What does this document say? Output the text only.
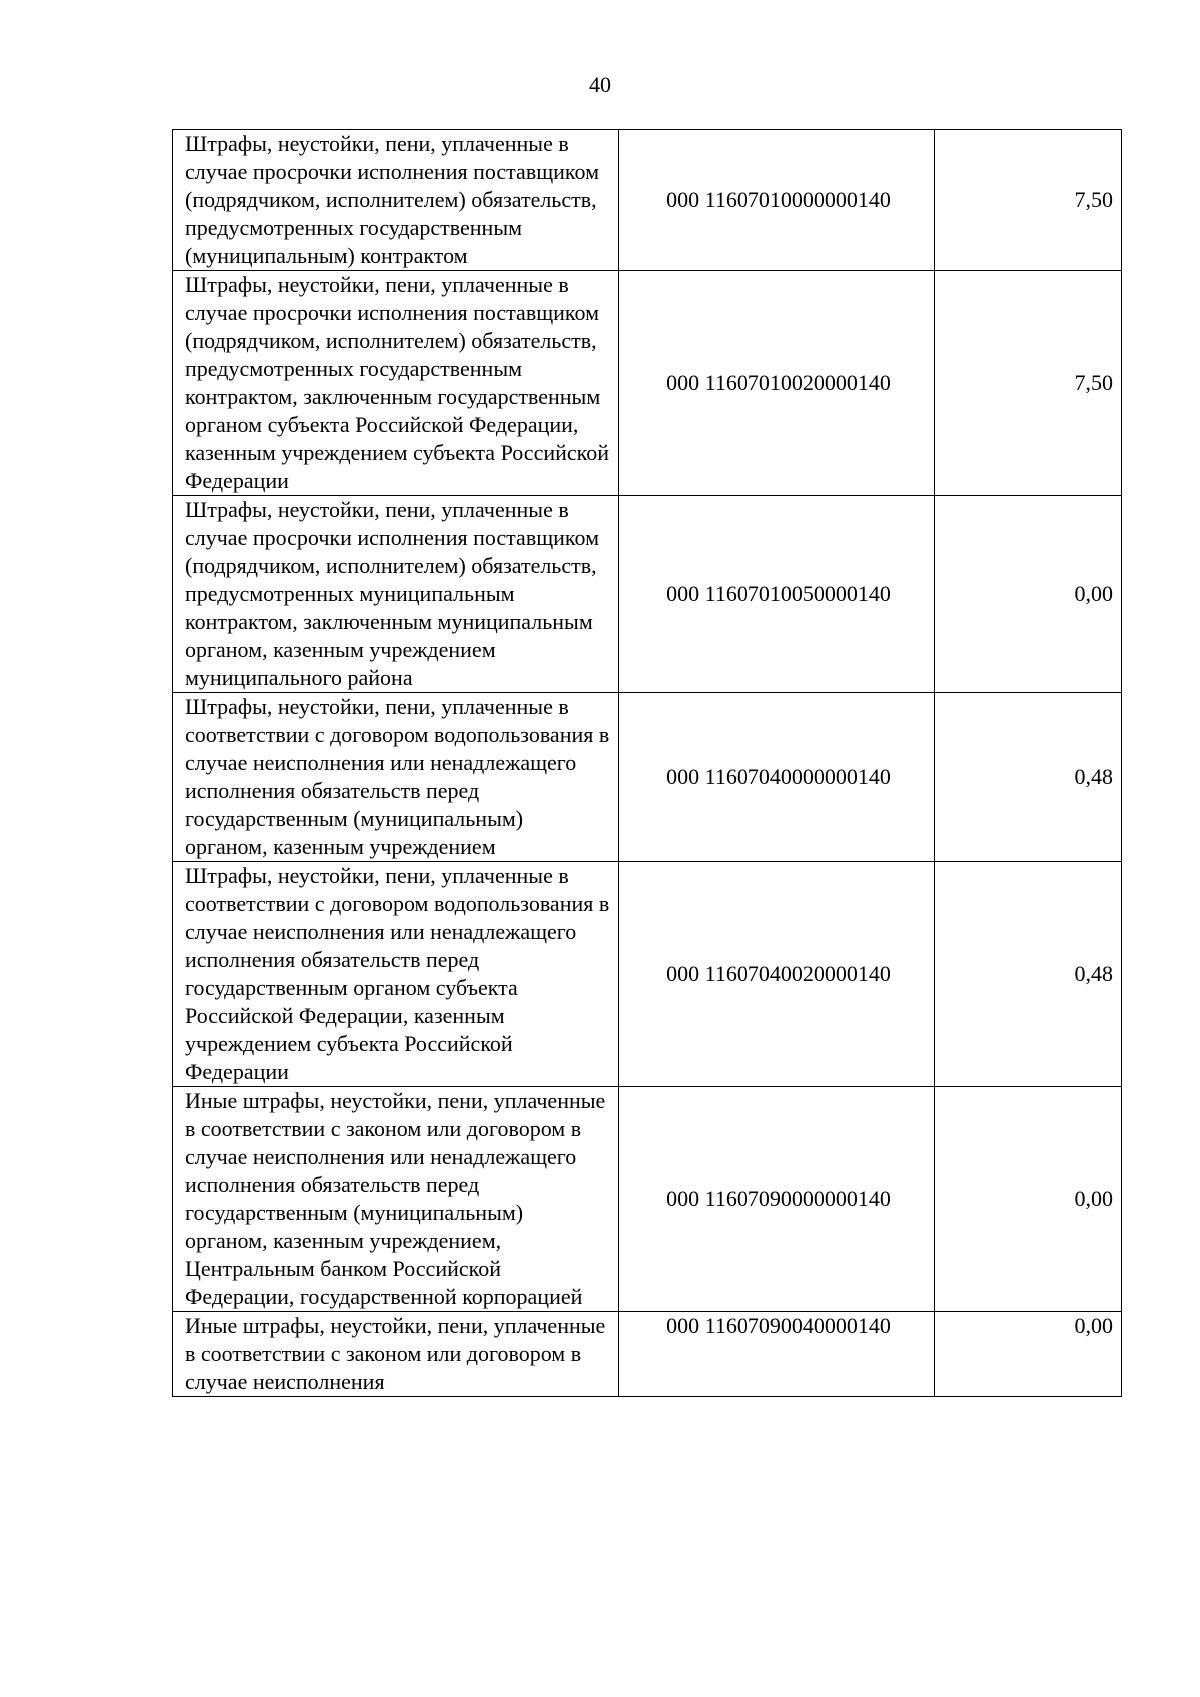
40
Штрафы, неустойки, пени, уплаченные в случае просрочки исполнения поставщиком (подрядчиком, исполнителем) обязательств, предусмотренных государственным (муниципальным) контрактом	000 11607010000000140	7,50
Штрафы, неустойки, пени, уплаченные в случае просрочки исполнения поставщиком (подрядчиком, исполнителем) обязательств, предусмотренных государственным контрактом, заключенным государственным органом субъекта Российской Федерации, казенным учреждением субъекта Российской Федерации	000 11607010020000140	7,50
Штрафы, неустойки, пени, уплаченные в случае просрочки исполнения поставщиком (подрядчиком, исполнителем) обязательств, предусмотренных муниципальным контрактом, заключенным муниципальным органом, казенным учреждением муниципального района	000 11607010050000140	0,00
Штрафы, неустойки, пени, уплаченные в соответствии с договором водопользования в случае неисполнения или ненадлежащего исполнения обязательств перед государственным (муниципальным) органом, казенным учреждением	000 11607040000000140	0,48
Штрафы, неустойки, пени, уплаченные в соответствии с договором водопользования в случае неисполнения или ненадлежащего исполнения обязательств перед государственным органом субъекта Российской Федерации, казенным учреждением субъекта Российской Федерации	000 11607040020000140	0,48
Иные штрафы, неустойки, пени, уплаченные в соответствии с законом или договором в случае неисполнения или ненадлежащего исполнения обязательств перед государственным (муниципальным) органом, казенным учреждением, Центральным банком Российской Федерации, государственной корпорацией	000 11607090000000140	0,00
Иные штрафы, неустойки, пени, уплаченные в соответствии с законом или договором в случае неисполнения	000 11607090040000140	0,00
